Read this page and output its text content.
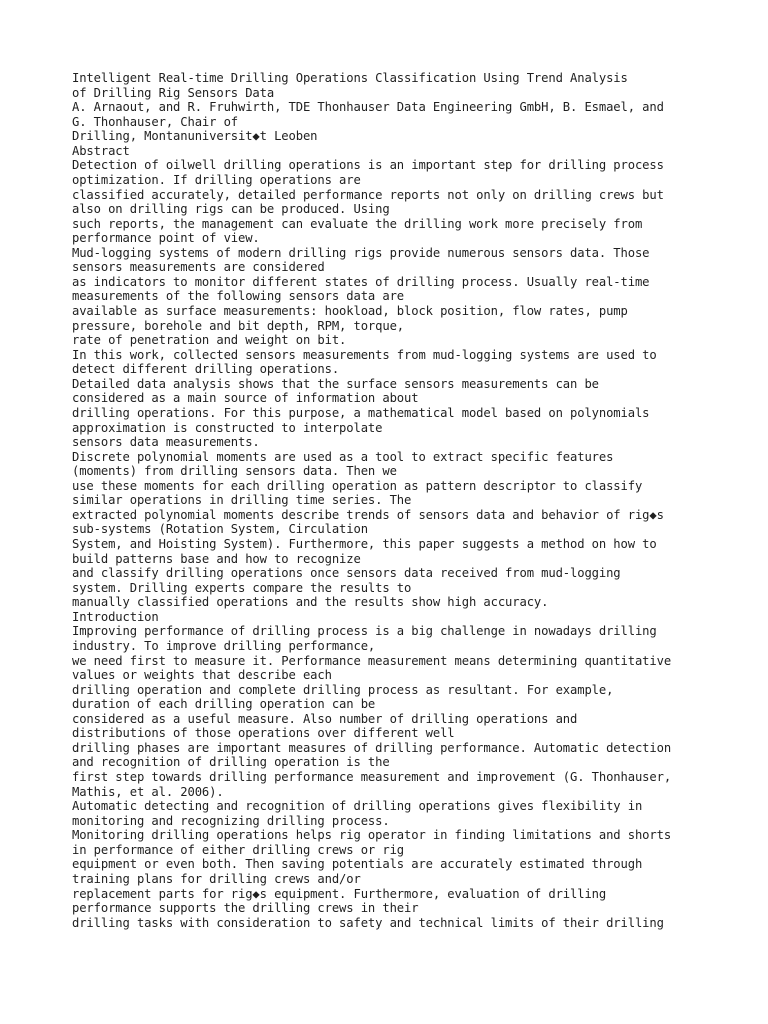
Intelligent Real-time Drilling Operations Classification Using Trend Analysis
of Drilling Rig Sensors Data
A. Arnaout, and R. Fruhwirth, TDE Thonhauser Data Engineering GmbH, B. Esmael, and
G. Thonhauser, Chair of
Drilling, Montanuniversit◆t Leoben
Abstract
Detection of oilwell drilling operations is an important step for drilling process
optimization. If drilling operations are
classified accurately, detailed performance reports not only on drilling crews but
also on drilling rigs can be produced. Using
such reports, the management can evaluate the drilling work more precisely from
performance point of view.
Mud-logging systems of modern drilling rigs provide numerous sensors data. Those
sensors measurements are considered
as indicators to monitor different states of drilling process. Usually real-time
measurements of the following sensors data are
available as surface measurements: hookload, block position, flow rates, pump
pressure, borehole and bit depth, RPM, torque,
rate of penetration and weight on bit.
In this work, collected sensors measurements from mud-logging systems are used to
detect different drilling operations.
Detailed data analysis shows that the surface sensors measurements can be
considered as a main source of information about
drilling operations. For this purpose, a mathematical model based on polynomials
approximation is constructed to interpolate
sensors data measurements.
Discrete polynomial moments are used as a tool to extract specific features
(moments) from drilling sensors data. Then we
use these moments for each drilling operation as pattern descriptor to classify
similar operations in drilling time series. The
extracted polynomial moments describe trends of sensors data and behavior of rig◆s
sub-systems (Rotation System, Circulation
System, and Hoisting System). Furthermore, this paper suggests a method on how to
build patterns base and how to recognize
and classify drilling operations once sensors data received from mud-logging
system. Drilling experts compare the results to
manually classified operations and the results show high accuracy.
Introduction
Improving performance of drilling process is a big challenge in nowadays drilling
industry. To improve drilling performance,
we need first to measure it. Performance measurement means determining quantitative
values or weights that describe each
drilling operation and complete drilling process as resultant. For example,
duration of each drilling operation can be
considered as a useful measure. Also number of drilling operations and
distributions of those operations over different well
drilling phases are important measures of drilling performance. Automatic detection
and recognition of drilling operation is the
first step towards drilling performance measurement and improvement (G. Thonhauser,
Mathis, et al. 2006).
Automatic detecting and recognition of drilling operations gives flexibility in
monitoring and recognizing drilling process.
Monitoring drilling operations helps rig operator in finding limitations and shorts
in performance of either drilling crews or rig
equipment or even both. Then saving potentials are accurately estimated through
training plans for drilling crews and/or
replacement parts for rig◆s equipment. Furthermore, evaluation of drilling
performance supports the drilling crews in their
drilling tasks with consideration to safety and technical limits of their drilling
